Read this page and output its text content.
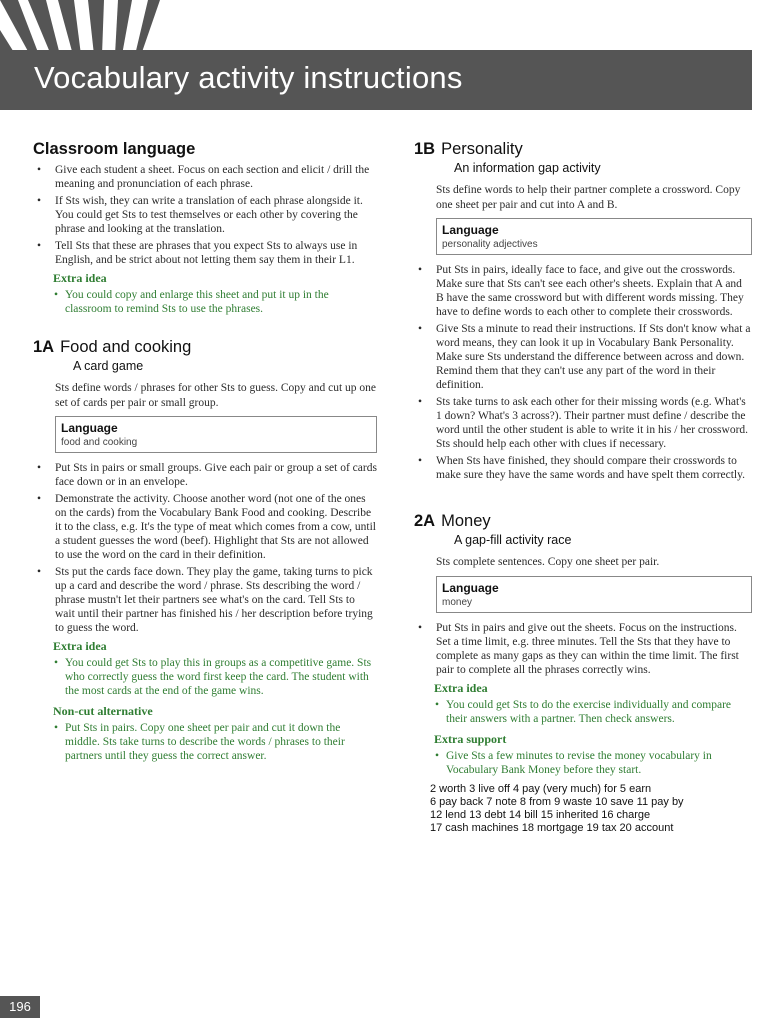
Vocabulary activity instructions
Classroom language
• Give each student a sheet. Focus on each section and elicit / drill the meaning and pronunciation of each phrase.
• If Sts wish, they can write a translation of each phrase alongside it. You could get Sts to test themselves or each other by covering the phrase and looking at the translation.
• Tell Sts that these are phrases that you expect Sts to always use in English, and be strict about not letting them say them in their L1.
Extra idea
• You could copy and enlarge this sheet and put it up in the classroom to remind Sts to use the phrases.
1A Food and cooking
A card game

Sts define words / phrases for other Sts to guess. Copy and cut up one set of cards per pair or small group.

Language
food and cooking
• Put Sts in pairs or small groups. Give each pair or group a set of cards face down or in an envelope.
• Demonstrate the activity. Choose another word (not one of the ones on the cards) from the Vocabulary Bank Food and cooking. Describe it to the class, e.g. It's the type of meat which comes from a cow, until a student guesses the word (beef). Highlight that Sts are not allowed to use the word on the card in their definition.
• Sts put the cards face down. They play the game, taking turns to pick up a card and describe the word / phrase. Sts describing the word / phrase mustn't let their partners see what's on the card. Tell Sts to wait until their partner has finished his / her description before trying to guess the word.
Extra idea
• You could get Sts to play this in groups as a competitive game. Sts who correctly guess the word first keep the card. The student with the most cards at the end of the game wins.
Non-cut alternative
• Put Sts in pairs. Copy one sheet per pair and cut it down the middle. Sts take turns to describe the words / phrases to their partners until they guess the correct answer.
1B Personality
An information gap activity

Sts define words to help their partner complete a crossword. Copy one sheet per pair and cut into A and B.

Language
personality adjectives
• Put Sts in pairs, ideally face to face, and give out the crosswords. Make sure that Sts can't see each other's sheets. Explain that A and B have the same crossword but with different words missing. They have to define words to each other to complete their crosswords.
• Give Sts a minute to read their instructions. If Sts don't know what a word means, they can look it up in Vocabulary Bank Personality. Make sure Sts understand the difference between across and down. Remind them that they can't use any part of the word in their definition.
• Sts take turns to ask each other for their missing words (e.g. What's 1 down? What's 3 across?). Their partner must define / describe the word until the other student is able to write it in his / her crossword. Sts should help each other with clues if necessary.
• When Sts have finished, they should compare their crosswords to make sure they have the same words and have spelt them correctly.
2A Money
A gap-fill activity race

Sts complete sentences. Copy one sheet per pair.

Language
money
• Put Sts in pairs and give out the sheets. Focus on the instructions. Set a time limit, e.g. three minutes. Tell the Sts that they have to complete as many gaps as they can within the time limit. The first pair to complete all the phrases correctly wins.
Extra idea
• You could get Sts to do the exercise individually and compare their answers with a partner. Then check answers.
Extra support
• Give Sts a few minutes to revise the money vocabulary in Vocabulary Bank Money before they start.
2 worth 3 live off 4 pay (very much) for 5 earn
6 pay back 7 note 8 from 9 waste 10 save 11 pay by
12 lend 13 debt 14 bill 15 inherited 16 charge
17 cash machines 18 mortgage 19 tax 20 account
196
